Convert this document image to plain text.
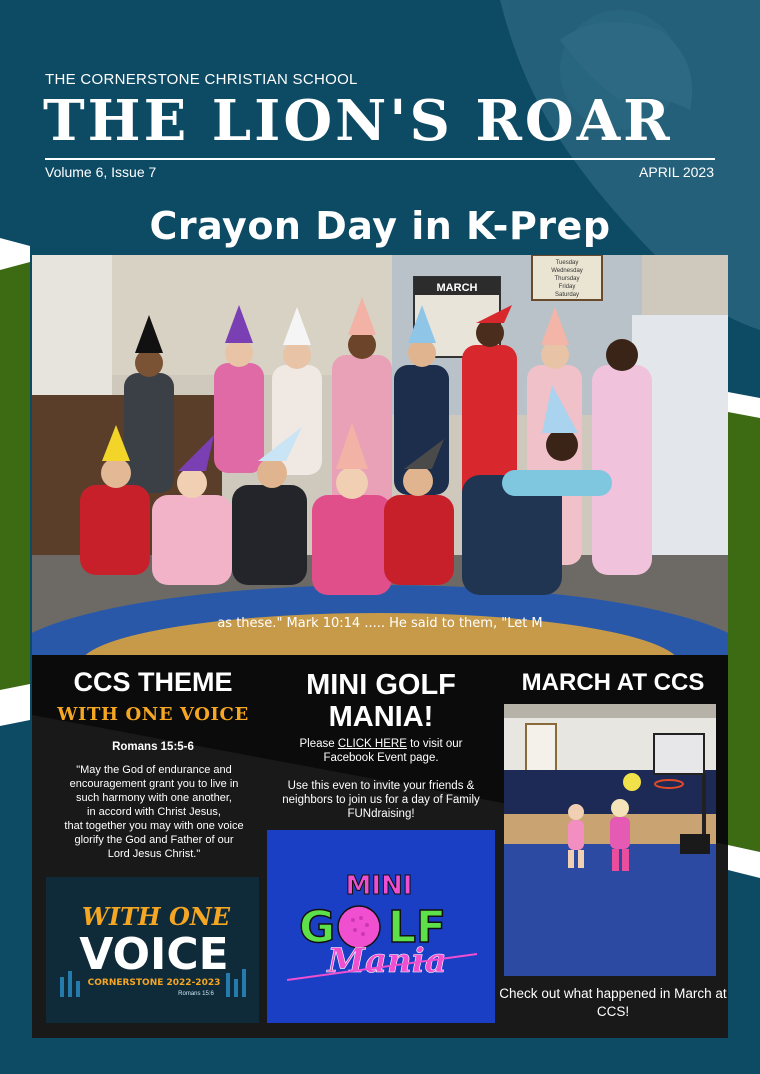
THE CORNERSTONE CHRISTIAN SCHOOL
THE LION'S ROAR
Volume 6, Issue 7	APRIL 2023
Crayon Day in K-Prep
MARCH
Tuesday
Wednesday
Thursday
Friday
Saturday
as these." Mark 10:14 ..... He said to them, "Let M
CCS THEME
WITH ONE VOICE
Romans 15:5-6
"May the God of endurance and
encouragement grant you to live in
such harmony with one another,
in accord with Christ Jesus,
that together you may with one voice
glorify the God and Father of our
Lord Jesus Christ."
WITH ONE
VOICE
CORNERSTONE 2022-2023
Romans 15:6
MINI GOLF MANIA!
Please CLICK HERE to visit our Facebook Event page.
Use this even to invite your friends & neighbors to join us for a day of Family FUNdraising!
MINI
G LF
Mania
MARCH AT CCS
Check out what happened in March at CCS!
